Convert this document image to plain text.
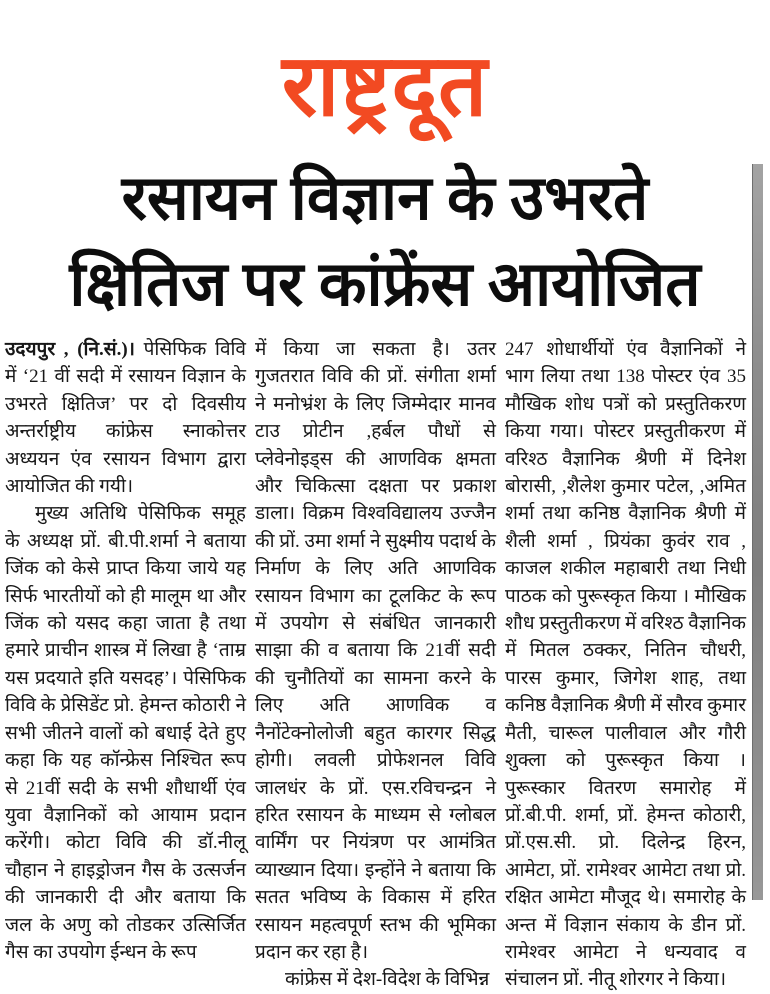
राष्ट्रदूत
रसायन विज्ञान के उभरते
क्षितिज पर कांफ्रेंस आयोजित

उदयपुर , (नि.सं.)। पेसिफिक विवि में ‘21 वीं सदी में रसायन विज्ञान के उभरते क्षितिज’ पर दो दिवसीय अन्तर्राष्ट्रीय कांफ्रेस स्नाकोत्तर अध्ययन एंव रसायन विभाग द्वारा आयोजित की गयी।

मुख्य अतिथि पेसिफिक समूह के अध्यक्ष प्रों. बी.पी.शर्मा ने बताया जिंक को केसे प्राप्त किया जाये यह सिर्फ भारतीयों को ही मालूम था और जिंक को यसद कहा जाता है तथा हमारे प्राचीन शास्त्र में लिखा है ‘ताम्र यस प्रदयाते इति यसदह’। पेसिफिक विवि के प्रेसिडेंट प्रो. हेमन्त कोठारी ने सभी जीतने वालों को बधाई देते हुए कहा कि यह कॉन्फ्रेस निश्चित रूप से 21वीं सदी के सभी शौधार्थी एंव युवा वैज्ञानिकों को आयाम प्रदान करेंगी। कोटा विवि की डॉ.नीलू चौहान ने हाइड्रोजन गैस के उत्सर्जन की जानकारी दी और बताया कि जल के अणु को तोडकर उत्सिर्जित गैस का उपयोग ईन्धन के रूप

में किया जा सकता है। उतर गुजतरात विवि की प्रों. संगीता शर्मा ने मनोभ्रंश के लिए जिम्मेदार मानव टाउ प्रोटीन ,हर्बल पौधों से प्लेवेनोइड्स की आणविक क्षमता और चिकित्सा दक्षता पर प्रकाश डाला। विक्रम विश्वविद्यालय उज्जैन की प्रों. उमा शर्मा ने सुक्ष्मीय पदार्थ के निर्माण के लिए अति आणविक रसायन विभाग का टूलकिट के रूप में उपयोग से संबंधित जानकारी साझा की व बताया कि 21वीं सदी की चुनौतियों का सामना करने के लिए अति आणविक व नैनोंटेक्नोलोजी बहुत कारगर सिद्ध होगी। लवली प्रोफेशनल विवि जालधंर के प्रों. एस.रविचन्द्रन ने हरित रसायन के माध्यम से ग्लोबल वार्मिंग पर नियंत्रण पर आमंत्रित व्याख्यान दिया। इन्होंने ने बताया कि सतत भविष्य के विकास में हरित रसायन महत्वपूर्ण स्तभ की भूमिका प्रदान कर रहा है।

कांफ्रेस में देश-विदेश के विभिन्न

247 शोधार्थीयों एंव वैज्ञानिकों ने भाग लिया तथा 138 पोस्टर एंव 35 मौखिक शोध पत्रों को प्रस्तुतिकरण किया गया। पोस्टर प्रस्तुतीकरण में वरिश्ठ वैज्ञानिक श्रैणी में दिनेश बोरासी, ,शैलेश कुमार पटेल, ,अमित शर्मा तथा कनिष्ठ वैज्ञानिक श्रैणी में शैली शर्मा , प्रियंका कुवंर राव , काजल शकील महाबारी तथा निधी पाठक को पुरूस्कृत किया । मौखिक शौध प्रस्तुतीकरण में वरिश्ठ वैज्ञानिक में मितल ठक्कर, नितिन चौधरी, पारस कुमार, जिगेश शाह, तथा कनिष्ठ वैज्ञानिक श्रैणी में सौरव कुमार मैती, चारूल पालीवाल और गौरी शुक्ला को पुरूस्कृत किया । पुरूस्कार वितरण समारोह में प्रों.बी.पी. शर्मा, प्रों. हेमन्त कोठारी, प्रों.एस.सी. प्रो. दिलेन्द्र हिरन, आमेटा, प्रों. रामेश्वर आमेटा तथा प्रो. रक्षित आमेटा मौजूद थे। समारोह के अन्त में विज्ञान संकाय के डीन प्रों. रामेश्वर आमेटा ने धन्यवाद व संचालन प्रों. नीतू शोरगर ने किया।
